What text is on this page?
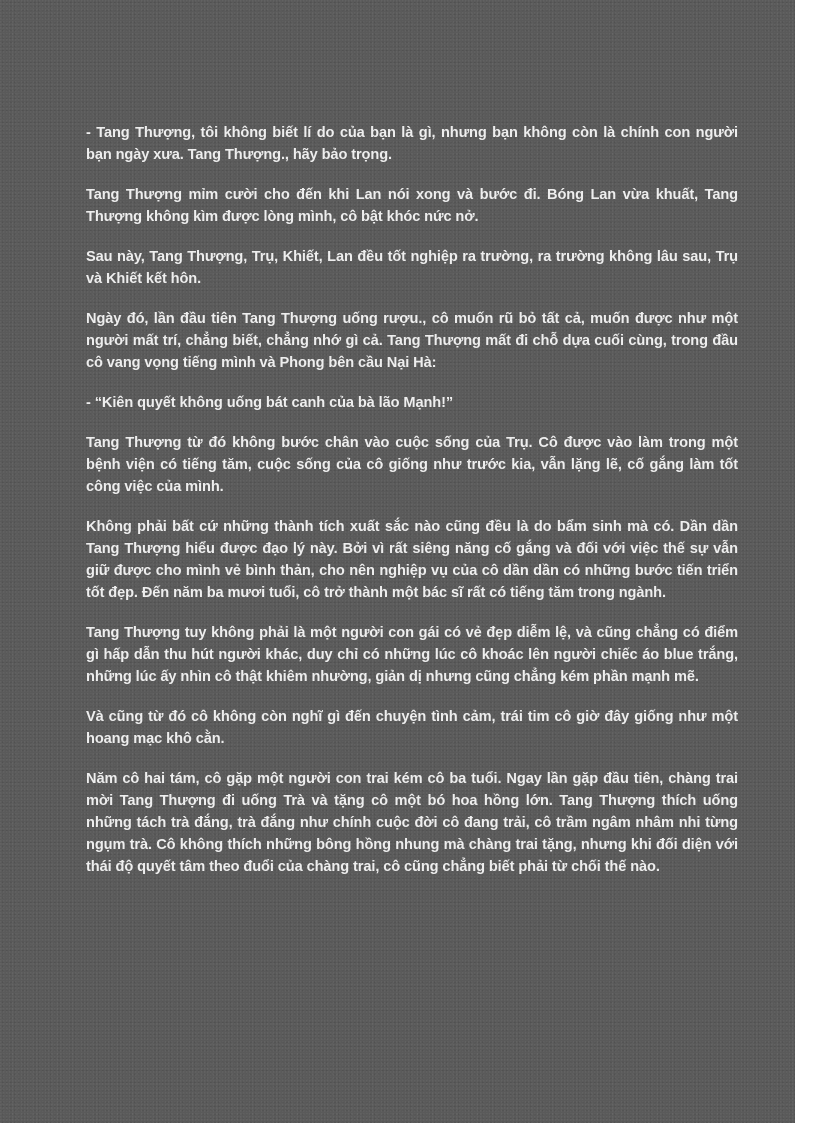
- Tang Thượng, tôi không biết lí do của bạn là gì, nhưng bạn không còn là chính con người bạn ngày xưa. Tang Thượng., hãy bảo trọng.

Tang Thượng mỉm cười cho đến khi Lan nói xong và bước đi. Bóng Lan vừa khuất, Tang Thượng không kìm được lòng mình, cô bật khóc nức nở.

Sau này, Tang Thượng, Trụ, Khiết, Lan đều tốt nghiệp ra trường, ra trường không lâu sau, Trụ và Khiết kết hôn.

Ngày đó, lần đầu tiên Tang Thượng uống rượu., cô muốn rũ bỏ tất cả, muốn được như một người mất trí, chẳng biết, chẳng nhớ gì cả. Tang Thượng mất đi chỗ dựa cuối cùng, trong đầu cô vang vọng tiếng mình và Phong bên cầu Nại Hà:

- “Kiên quyết không uống bát canh của bà lão Mạnh!”

Tang Thượng từ đó không bước chân vào cuộc sống của Trụ. Cô được vào làm trong một bệnh viện có tiếng tăm, cuộc sống của cô giống như trước kia, vẫn lặng lẽ, cố gắng làm tốt công việc của mình.

Không phải bất cứ những thành tích xuất sắc nào cũng đều là do bẩm sinh mà có. Dần dần Tang Thượng hiểu được đạo lý này. Bởi vì rất siêng năng cố gắng và đối với việc thế sự vẫn giữ được cho mình vẻ bình thản, cho nên nghiệp vụ của cô dần dần có những bước tiến triển tốt đẹp. Đến năm ba mươi tuổi, cô trở thành một bác sĩ rất có tiếng tăm trong ngành.

Tang Thượng tuy không phải là một người con gái có vẻ đẹp diễm lệ, và cũng chẳng có điểm gì hấp dẫn thu hút người khác, duy chỉ có những lúc cô khoác lên người chiếc áo blue trắng, những lúc ấy nhìn cô thật khiêm nhường, giản dị nhưng cũng chẳng kém phần mạnh mẽ.

Và cũng từ đó cô không còn nghĩ gì đến chuyện tình cảm, trái tim cô giờ đây giống như một hoang mạc khô cằn.

Năm cô hai tám, cô gặp một người con trai kém cô ba tuổi. Ngay lần gặp đầu tiên, chàng trai mời Tang Thượng đi uống Trà và tặng cô một bó hoa hồng lớn. Tang Thượng thích uống những tách trà đắng, trà đắng như chính cuộc đời cô đang trải, cô trầm ngâm nhâm nhi từng ngụm trà. Cô không thích những bông hồng nhung mà chàng trai tặng, nhưng khi đối diện với thái độ quyết tâm theo đuổi của chàng trai, cô cũng chẳng biết phải từ chối thế nào.
